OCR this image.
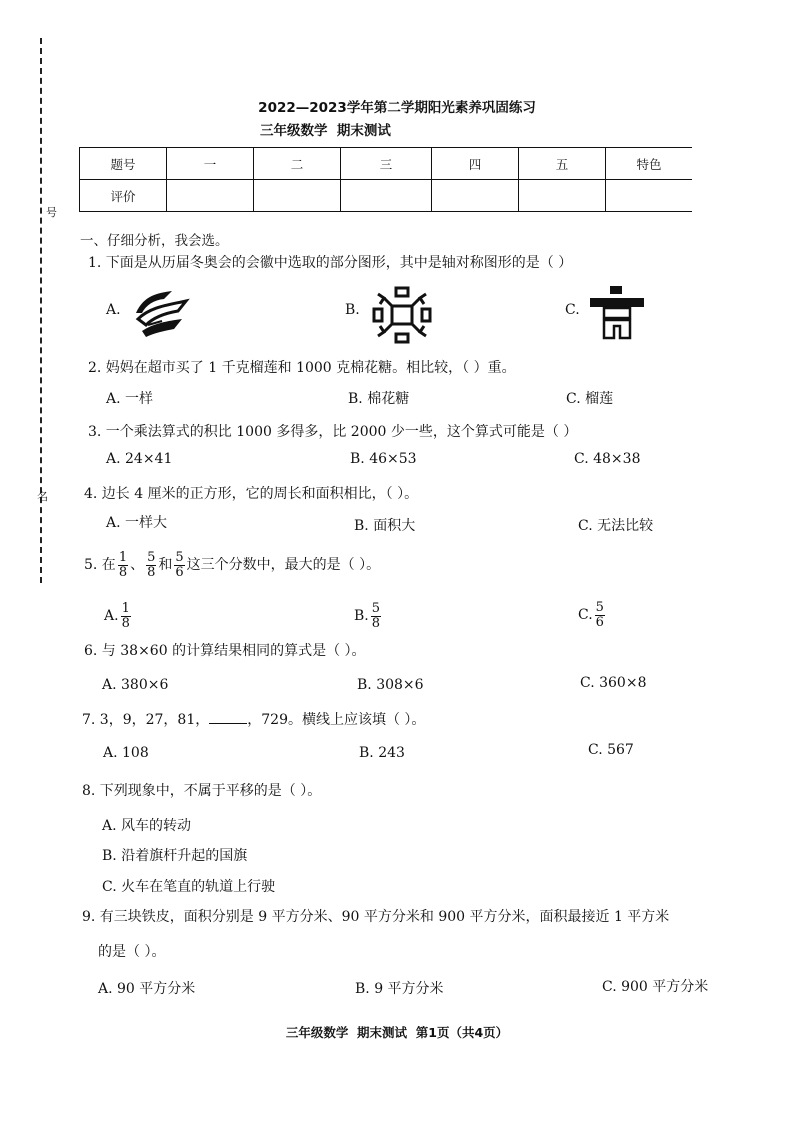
号
名
2022—2023学年第二学期阳光素养巩固练习
三年级数学  期末测试
题号	一	二	三	四	五	特色
评价						
一、仔细分析，我会选。
1. 下面是从历届冬奥会的会徽中选取的部分图形，其中是轴对称图形的是（ ）
A.	B.	C.
2. 妈妈在超市买了 1 千克榴莲和 1000 克棉花糖。相比较，（ ）重。
A. 一样	B. 棉花糖	C. 榴莲
3. 一个乘法算式的积比 1000 多得多，比 2000 少一些，这个算式可能是（ ）
A. 24×41	B. 46×53	C. 48×38
4. 边长 4 厘米的正方形，它的周长和面积相比，（ ）。
A. 一样大	B. 面积大	C. 无法比较
5. 在 $\frac{1}{8}$ 、 $\frac{5}{8}$ 和 $\frac{5}{6}$ 这三个分数中，最大的是（ ）。
A. $\frac{1}{8}$	B. $\frac{5}{8}$	C. $\frac{5}{6}$
6. 与 38×60 的计算结果相同的算式是（ ）。
A. 380×6	B. 308×6	C. 360×8
7. 3，9，27，81，	，729。横线上应该填（ ）。
A. 108	B. 243	C. 567
8. 下列现象中，不属于平移的是（ ）。
A. 风车的转动
B. 沿着旗杆升起的国旗
C. 火车在笔直的轨道上行驶
9. 有三块铁皮，面积分别是 9 平方分米、90 平方分米和 900 平方分米，面积最接近 1 平方米
的是（ ）。
A. 90 平方分米	B. 9 平方分米	C. 900 平方分米
三年级数学  期末测试  第1页（共4页）
